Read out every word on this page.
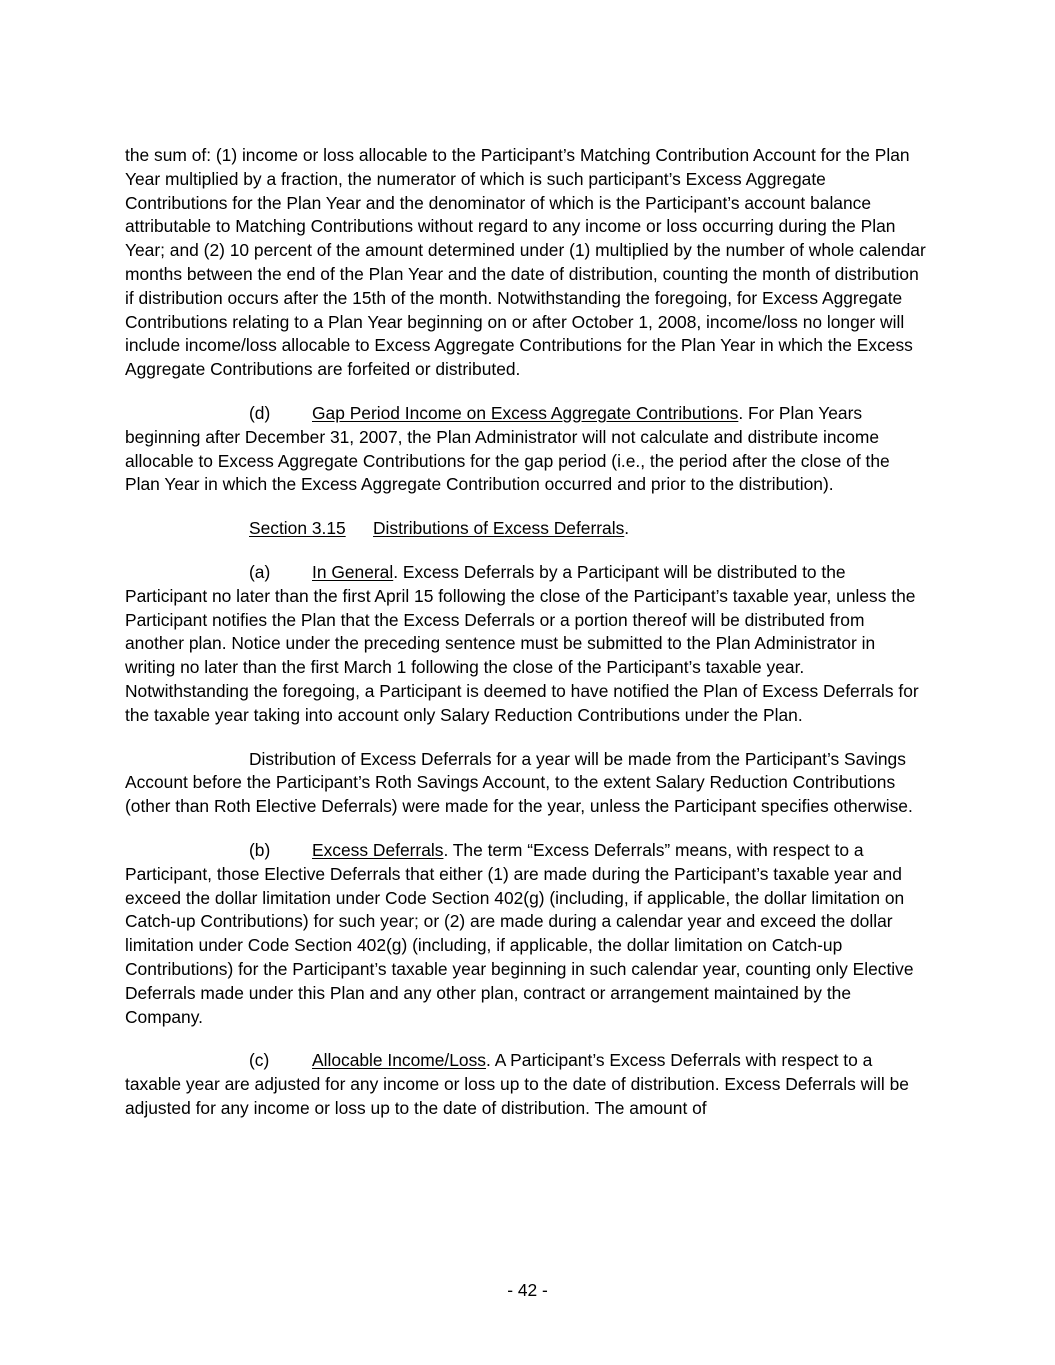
the sum of: (1) income or loss allocable to the Participant’s Matching Contribution Account for the Plan Year multiplied by a fraction, the numerator of which is such participant’s Excess Aggregate Contributions for the Plan Year and the denominator of which is the Participant’s account balance attributable to Matching Contributions without regard to any income or loss occurring during the Plan Year; and (2) 10 percent of the amount determined under (1) multiplied by the number of whole calendar months between the end of the Plan Year and the date of distribution, counting the month of distribution if distribution occurs after the 15th of the month. Notwithstanding the foregoing, for Excess Aggregate Contributions relating to a Plan Year beginning on or after October 1, 2008, income/loss no longer will include income/loss allocable to Excess Aggregate Contributions for the Plan Year in which the Excess Aggregate Contributions are forfeited or distributed.

(d) Gap Period Income on Excess Aggregate Contributions. For Plan Years beginning after December 31, 2007, the Plan Administrator will not calculate and distribute income allocable to Excess Aggregate Contributions for the gap period (i.e., the period after the close of the Plan Year in which the Excess Aggregate Contribution occurred and prior to the distribution).

Section 3.15 Distributions of Excess Deferrals.

(a) In General. Excess Deferrals by a Participant will be distributed to the Participant no later than the first April 15 following the close of the Participant’s taxable year, unless the Participant notifies the Plan that the Excess Deferrals or a portion thereof will be distributed from another plan. Notice under the preceding sentence must be submitted to the Plan Administrator in writing no later than the first March 1 following the close of the Participant’s taxable year. Notwithstanding the foregoing, a Participant is deemed to have notified the Plan of Excess Deferrals for the taxable year taking into account only Salary Reduction Contributions under the Plan.

Distribution of Excess Deferrals for a year will be made from the Participant’s Savings Account before the Participant’s Roth Savings Account, to the extent Salary Reduction Contributions (other than Roth Elective Deferrals) were made for the year, unless the Participant specifies otherwise.

(b) Excess Deferrals. The term “Excess Deferrals” means, with respect to a Participant, those Elective Deferrals that either (1) are made during the Participant’s taxable year and exceed the dollar limitation under Code Section 402(g) (including, if applicable, the dollar limitation on Catch-up Contributions) for such year; or (2) are made during a calendar year and exceed the dollar limitation under Code Section 402(g) (including, if applicable, the dollar limitation on Catch-up Contributions) for the Participant’s taxable year beginning in such calendar year, counting only Elective Deferrals made under this Plan and any other plan, contract or arrangement maintained by the Company.

(c) Allocable Income/Loss. A Participant’s Excess Deferrals with respect to a taxable year are adjusted for any income or loss up to the date of distribution. Excess Deferrals will be adjusted for any income or loss up to the date of distribution. The amount of

- 42 -
